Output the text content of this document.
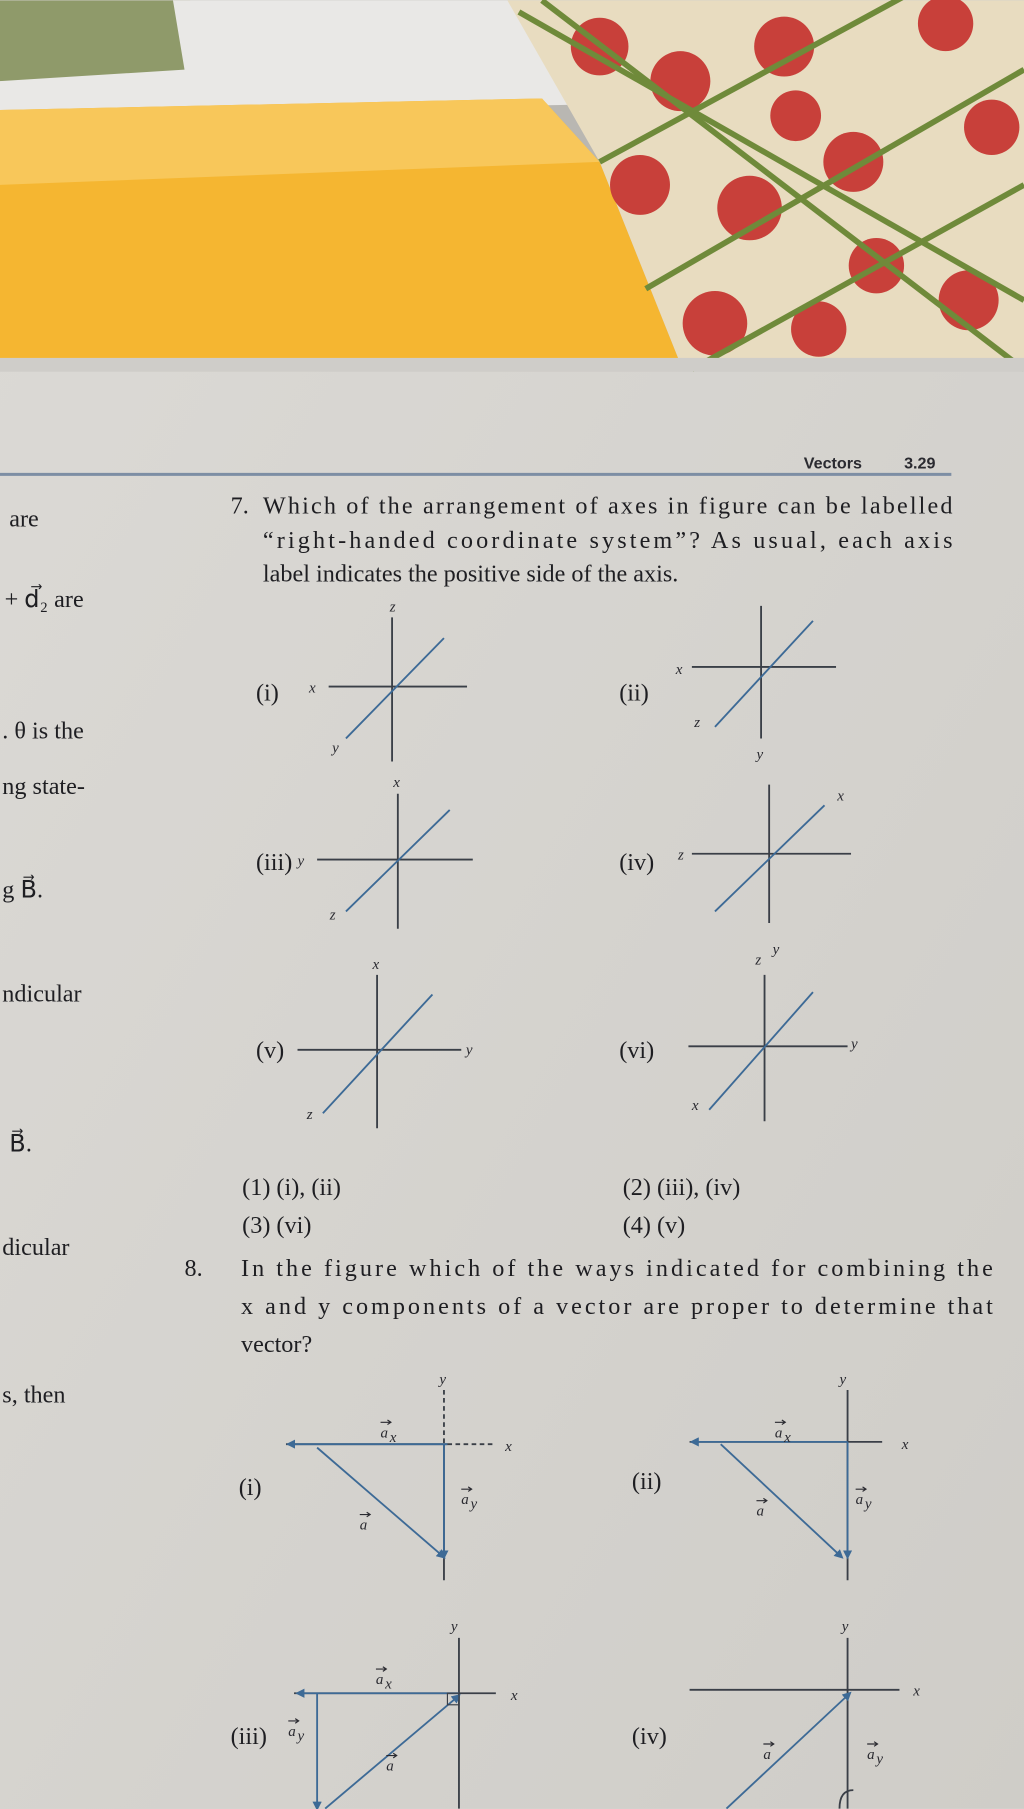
Vectors	3.29
are
+ d⃗₂ are
. θ is the
ng state-
g B⃗.
ndicular
B⃗.
dicular
s, then
7. Which of the arrangement of axes in figure can be labelled
“right-handed coordinate system”? As usual, each axis
label indicates the positive side of the axis.
(i) x
z
y
(ii)
x
y
z
(iii) y
x
z
(iv) z
x
(v)
x
y
z
(vi)
z
y
y
x
(1) (i), (ii)	(2) (iii), (iv)
(3) (vi)	(4) (v)
8. In the figure which of the ways indicated for combining the
x and y components of a vector are proper to determine that
vector?
(i)
x
y
a x
a y
a
(ii)
x
y
a x
a y
a
(iii)
x
y
a x
a y
a
(iv)
x
y
a y
a
